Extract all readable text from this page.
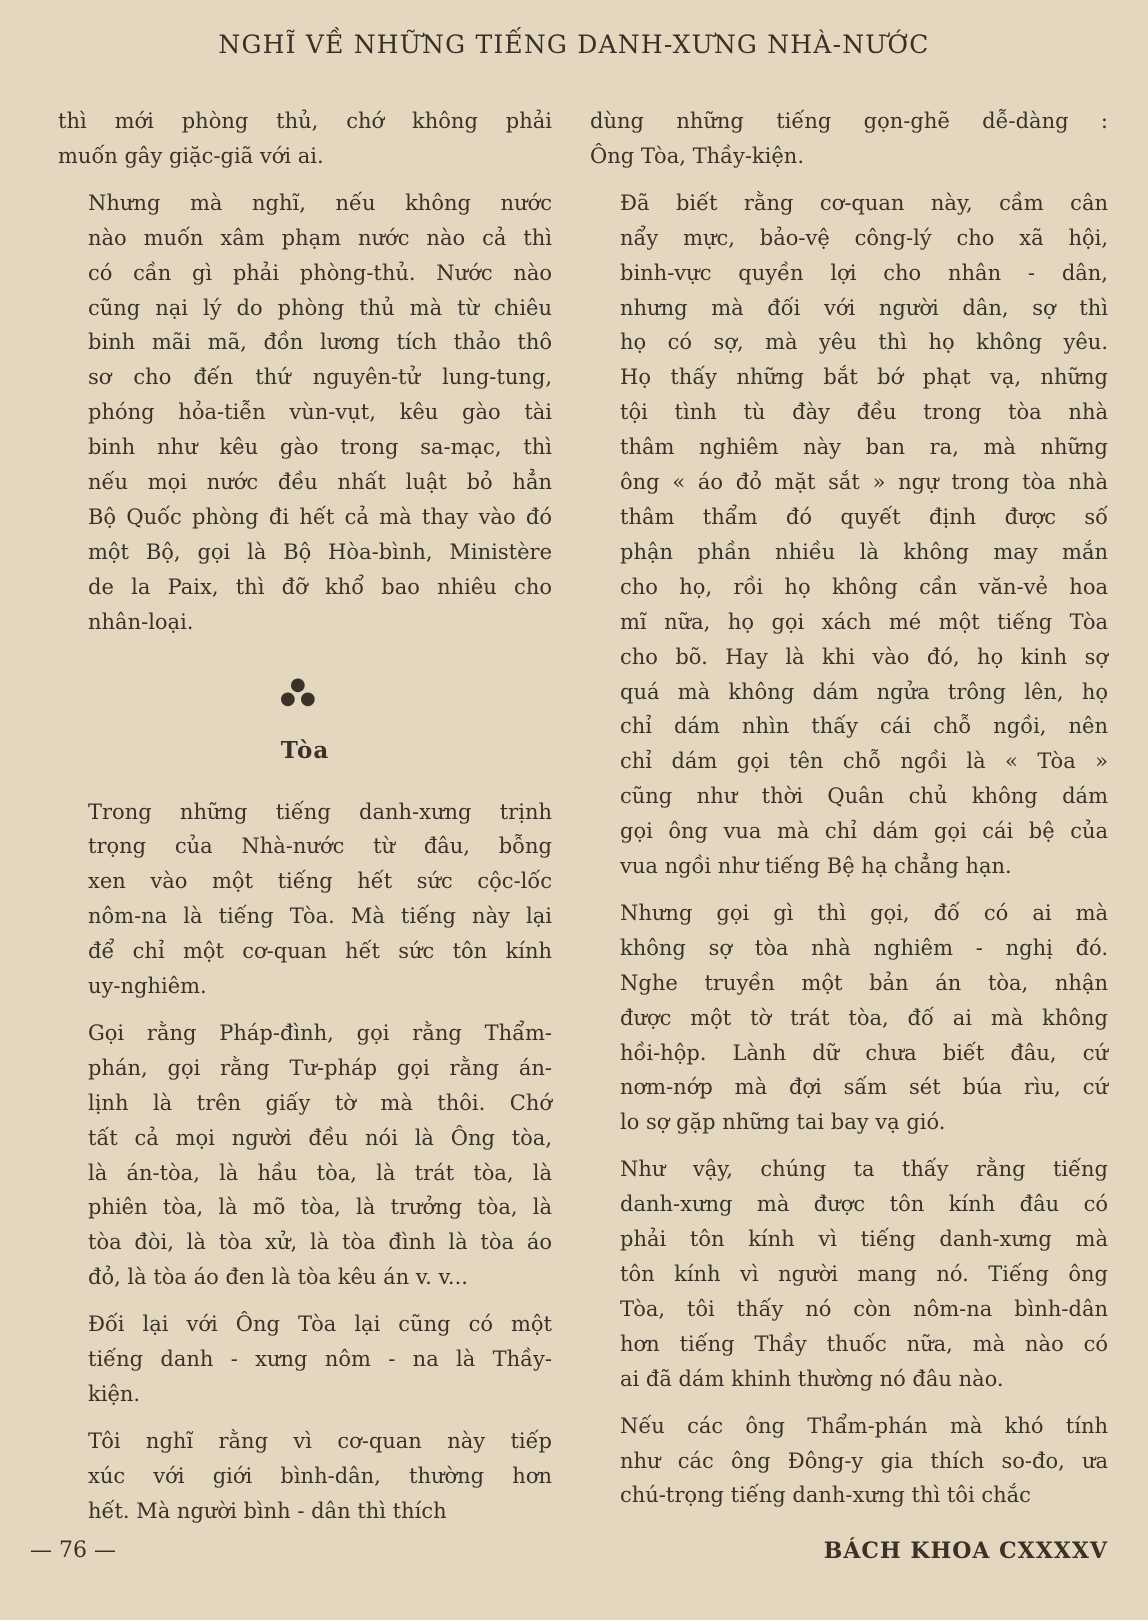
NGHĨ VỀ NHỮNG TIẾNG DANH-XƯNG NHÀ-NƯỚC

thì mới phòng thủ, chớ không phải
muốn gây giặc-giã với ai.

Nhưng mà nghĩ, nếu không nước
nào muốn xâm phạm nước nào cả thì
có cần gì phải phòng-thủ. Nước nào
cũng nại lý do phòng thủ mà từ chiêu
binh mãi mã, đồn lương tích thảo thô
sơ cho đến thứ nguyên-tử lung-tung,
phóng hỏa-tiễn vùn-vụt, kêu gào tài
binh như kêu gào trong sa-mạc, thì
nếu mọi nước đều nhất luật bỏ hẳn
Bộ Quốc phòng đi hết cả mà thay vào đó
một Bộ, gọi là Bộ Hòa-bình, Ministère
de la Paix, thì đỡ khổ bao nhiêu cho
nhân-loại.

●
● ●
Tòa

Trong những tiếng danh-xưng trịnh
trọng của Nhà-nước từ đâu, bỗng
xen vào một tiếng hết sức cộc-lốc
nôm-na là tiếng Tòa. Mà tiếng này lại
để chỉ một cơ-quan hết sức tôn kính
uy-nghiêm.

Gọi rằng Pháp-đình, gọi rằng Thẩm-
phán, gọi rằng Tư-pháp gọi rằng án-
lịnh là trên giấy tờ mà thôi. Chớ
tất cả mọi người đều nói là Ông tòa,
là án-tòa, là hầu tòa, là trát tòa, là
phiên tòa, là mõ tòa, là trưởng tòa, là
tòa đòi, là tòa xử, là tòa đình là tòa áo
đỏ, là tòa áo đen là tòa kêu án v. v...

Đối lại với Ông Tòa lại cũng có một
tiếng danh - xưng nôm - na là Thầy-
kiện.

Tôi nghĩ rằng vì cơ-quan này tiếp
xúc với giới bình-dân, thường hơn
hết. Mà người bình - dân thì thích

dùng những tiếng gọn-ghẽ dễ-dàng :
Ông Tòa, Thầy-kiện.

Đã biết rằng cơ-quan này, cầm cân
nẩy mực, bảo-vệ công-lý cho xã hội,
binh-vực quyền lợi cho nhân - dân,
nhưng mà đối với người dân, sợ thì
họ có sợ, mà yêu thì họ không yêu.
Họ thấy những bắt bớ phạt vạ, những
tội tình tù đày đều trong tòa nhà
thâm nghiêm này ban ra, mà những
ông « áo đỏ mặt sắt » ngự trong tòa nhà
thâm thẩm đó quyết định được số
phận phần nhiều là không may mắn
cho họ, rồi họ không cần văn-vẻ hoa
mĩ nữa, họ gọi xách mé một tiếng Tòa
cho bõ. Hay là khi vào đó, họ kinh sợ
quá mà không dám ngửa trông lên, họ
chỉ dám nhìn thấy cái chỗ ngồi, nên
chỉ dám gọi tên chỗ ngồi là « Tòa »
cũng như thời Quân chủ không dám
gọi ông vua mà chỉ dám gọi cái bệ của
vua ngồi như tiếng Bệ hạ chẳng hạn.

Nhưng gọi gì thì gọi, đố có ai mà
không sợ tòa nhà nghiêm - nghị đó.
Nghe truyền một bản án tòa, nhận
được một tờ trát tòa, đố ai mà không
hồi-hộp. Lành dữ chưa biết đâu, cứ
nơm-nớp mà đợi sấm sét búa rìu, cứ
lo sợ gặp những tai bay vạ gió.

Như vậy, chúng ta thấy rằng tiếng
danh-xưng mà được tôn kính đâu có
phải tôn kính vì tiếng danh-xưng mà
tôn kính vì người mang nó. Tiếng ông
Tòa, tôi thấy nó còn nôm-na bình-dân
hơn tiếng Thầy thuốc nữa, mà nào có
ai đã dám khinh thường nó đâu nào.

Nếu các ông Thẩm-phán mà khó tính
như các ông Đông-y gia thích so-đo, ưa
chú-trọng tiếng danh-xưng thì tôi chắc

— 76 —	BÁCH KHOA CXXXXV
